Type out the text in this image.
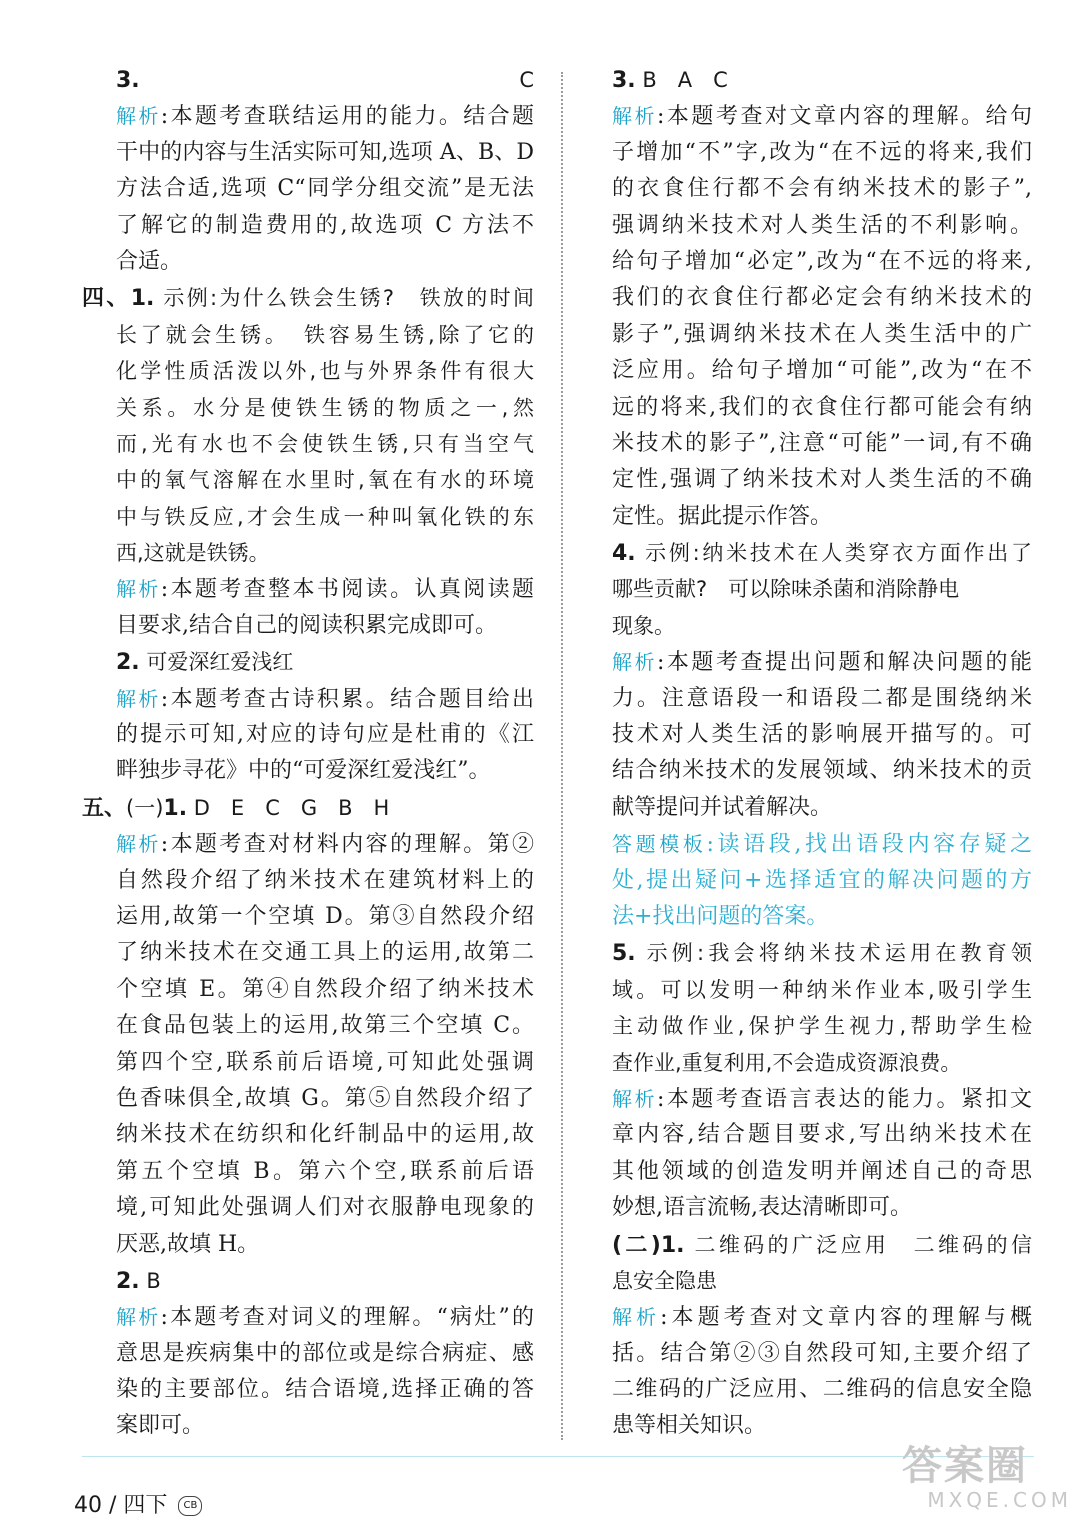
3. C
解析:本题考查联结运用的能力。结合题
干中的内容与生活实际可知,选项 A、B、D
方法合适,选项 C“同学分组交流”是无法
了解它的制造费用的,故选项 C 方法不
合适。
四、1. 示例:为什么铁会生锈?　铁放的时间
长了就会生锈。　铁容易生锈,除了它的
化学性质活泼以外,也与外界条件有很大
关系。水分是使铁生锈的物质之一,然
而,光有水也不会使铁生锈,只有当空气
中的氧气溶解在水里时,氧在有水的环境
中与铁反应,才会生成一种叫氧化铁的东
西,这就是铁锈。
解析:本题考查整本书阅读。认真阅读题
目要求,结合自己的阅读积累完成即可。
2. 可爱深红爱浅红
解析:本题考查古诗积累。结合题目给出
的提示可知,对应的诗句应是杜甫的《江
畔独步寻花》中的“可爱深红爱浅红”。
五、(一)1. D　E　C　G　B　H
解析:本题考查对材料内容的理解。第②
自然段介绍了纳米技术在建筑材料上的
运用,故第一个空填 D。第③自然段介绍
了纳米技术在交通工具上的运用,故第二
个空填 E。第④自然段介绍了纳米技术
在食品包装上的运用,故第三个空填 C。
第四个空,联系前后语境,可知此处强调
色香味俱全,故填 G。第⑤自然段介绍了
纳米技术在纺织和化纤制品中的运用,故
第五个空填 B。第六个空,联系前后语
境,可知此处强调人们对衣服静电现象的
厌恶,故填 H。
2. B
解析:本题考查对词义的理解。“病灶”的
意思是疾病集中的部位或是综合病症、感
染的主要部位。结合语境,选择正确的答
案即可。
3. B　A　C
解析:本题考查对文章内容的理解。给句
子增加“不”字,改为“在不远的将来,我们
的衣食住行都不会有纳米技术的影子”,
强调纳米技术对人类生活的不利影响。
给句子增加“必定”,改为“在不远的将来,
我们的衣食住行都必定会有纳米技术的
影子”,强调纳米技术在人类生活中的广
泛应用。给句子增加“可能”,改为“在不
远的将来,我们的衣食住行都可能会有纳
米技术的影子”,注意“可能”一词,有不确
定性,强调了纳米技术对人类生活的不确
定性。据此提示作答。
4. 示例:纳米技术在人类穿衣方面作出了
哪些贡献?　可以除味杀菌和消除静电
现象。
解析:本题考查提出问题和解决问题的能
力。注意语段一和语段二都是围绕纳米
技术对人类生活的影响展开描写的。可
结合纳米技术的发展领域、纳米技术的贡
献等提问并试着解决。
答题模板:读语段,找出语段内容存疑之
处,提出疑问+选择适宜的解决问题的方
法+找出问题的答案。
5. 示例:我会将纳米技术运用在教育领
域。可以发明一种纳米作业本,吸引学生
主动做作业,保护学生视力,帮助学生检
查作业,重复利用,不会造成资源浪费。
解析:本题考查语言表达的能力。紧扣文
章内容,结合题目要求,写出纳米技术在
其他领域的创造发明并阐述自己的奇思
妙想,语言流畅,表达清晰即可。
(二)1. 二维码的广泛应用　二维码的信
息安全隐患
解析:本题考查对文章内容的理解与概
括。结合第②③自然段可知,主要介绍了
二维码的广泛应用、二维码的信息安全隐
患等相关知识。
40 / 四下 CB
答案圈
MXQE.COM
